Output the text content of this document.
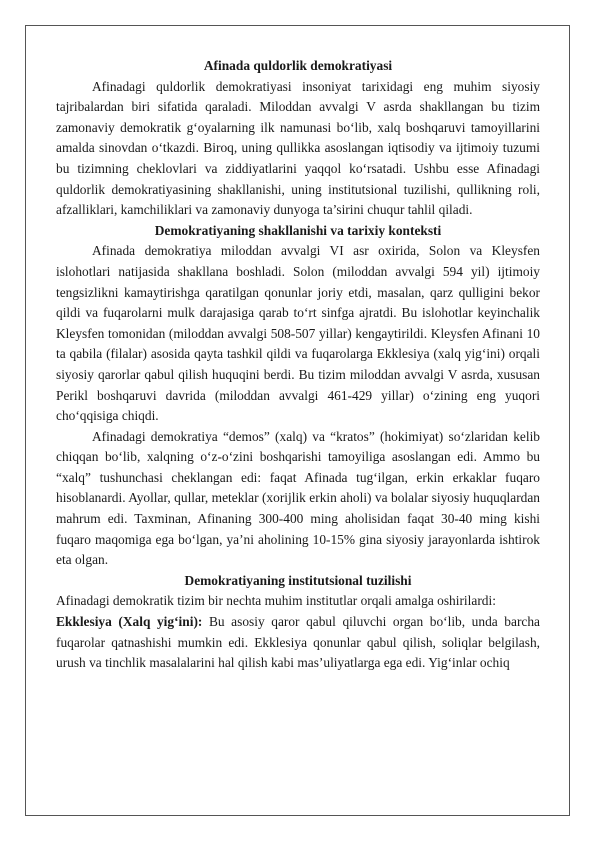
Afinada quldorlik demokratiyasi

Afinadagi quldorlik demokratiyasi insoniyat tarixidagi eng muhim siyosiy tajribalardan biri sifatida qaraladi. Miloddan avvalgi V asrda shakllangan bu tizim zamonaviy demokratik g‘oyalarning ilk namunasi bo‘lib, xalq boshqaruvi tamoyillarini amalda sinovdan o‘tkazdi. Biroq, uning qullikka asoslangan iqtisodiy va ijtimoiy tuzumi bu tizimning cheklovlari va ziddiyatlarini yaqqol ko‘rsatadi. Ushbu esse Afinadagi quldorlik demokratiyasining shakllanishi, uning institutsional tuzilishi, qullikning roli, afzalliklari, kamchiliklari va zamonaviy dunyoga ta’sirini chuqur tahlil qiladi.

Demokratiyaning shakllanishi va tarixiy konteksti

Afinada demokratiya miloddan avvalgi VI asr oxirida, Solon va Kleysfen islohotlari natijasida shakllana boshladi. Solon (miloddan avvalgi 594 yil) ijtimoiy tengsizlikni kamaytirishga qaratilgan qonunlar joriy etdi, masalan, qarz qulligini bekor qildi va fuqarolarni mulk darajasiga qarab to‘rt sinfga ajratdi. Bu islohotlar keyinchalik Kleysfen tomonidan (miloddan avvalgi 508-507 yillar) kengaytirildi. Kleysfen Afinani 10 ta qabila (filalar) asosida qayta tashkil qildi va fuqarolarga Ekklesiya (xalq yig‘ini) orqali siyosiy qarorlar qabul qilish huquqini berdi. Bu tizim miloddan avvalgi V asrda, xususan Perikl boshqaruvi davrida (miloddan avvalgi 461-429 yillar) o‘zining eng yuqori cho‘qqisiga chiqdi.

Afinadagi demokratiya “demos” (xalq) va “kratos” (hokimiyat) so‘zlaridan kelib chiqqan bo‘lib, xalqning o‘z-o‘zini boshqarishi tamoyiliga asoslangan edi. Ammo bu “xalq” tushunchasi cheklangan edi: faqat Afinada tug‘ilgan, erkin erkaklar fuqaro hisoblanardi. Ayollar, qullar, meteklar (xorijlik erkin aholi) va bolalar siyosiy huquqlardan mahrum edi. Taxminan, Afinaning 300-400 ming aholisidan faqat 30-40 ming kishi fuqaro maqomiga ega bo‘lgan, ya’ni aholining 10-15% gina siyosiy jarayonlarda ishtirok eta olgan.

Demokratiyaning institutsional tuzilishi

Afinadagi demokratik tizim bir nechta muhim institutlar orqali amalga oshirilardi:

Ekklesiya (Xalq yig‘ini): Bu asosiy qaror qabul qiluvchi organ bo‘lib, unda barcha fuqarolar qatnashishi mumkin edi. Ekklesiya qonunlar qabul qilish, soliqlar belgilash, urush va tinchlik masalalarini hal qilish kabi mas’uliyatlarga ega edi. Yig‘inlar ochiq
